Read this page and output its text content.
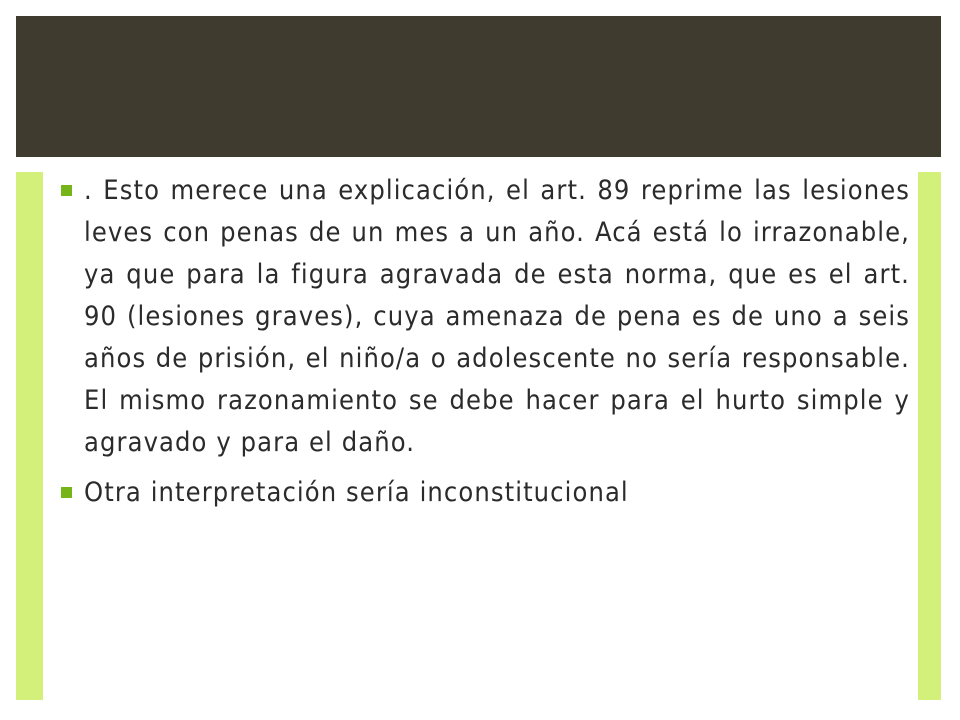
. Esto merece una explicación, el art. 89 reprime las lesiones leves con penas de un mes a un año. Acá está lo irrazonable, ya que para la figura agravada de esta norma, que es el art. 90 (lesiones graves), cuya amenaza de pena es de uno a seis años de prisión, el niño/a o adolescente no sería responsable. El mismo razonamiento se debe hacer para el hurto simple y agravado y para el daño.
Otra interpretación sería inconstitucional
